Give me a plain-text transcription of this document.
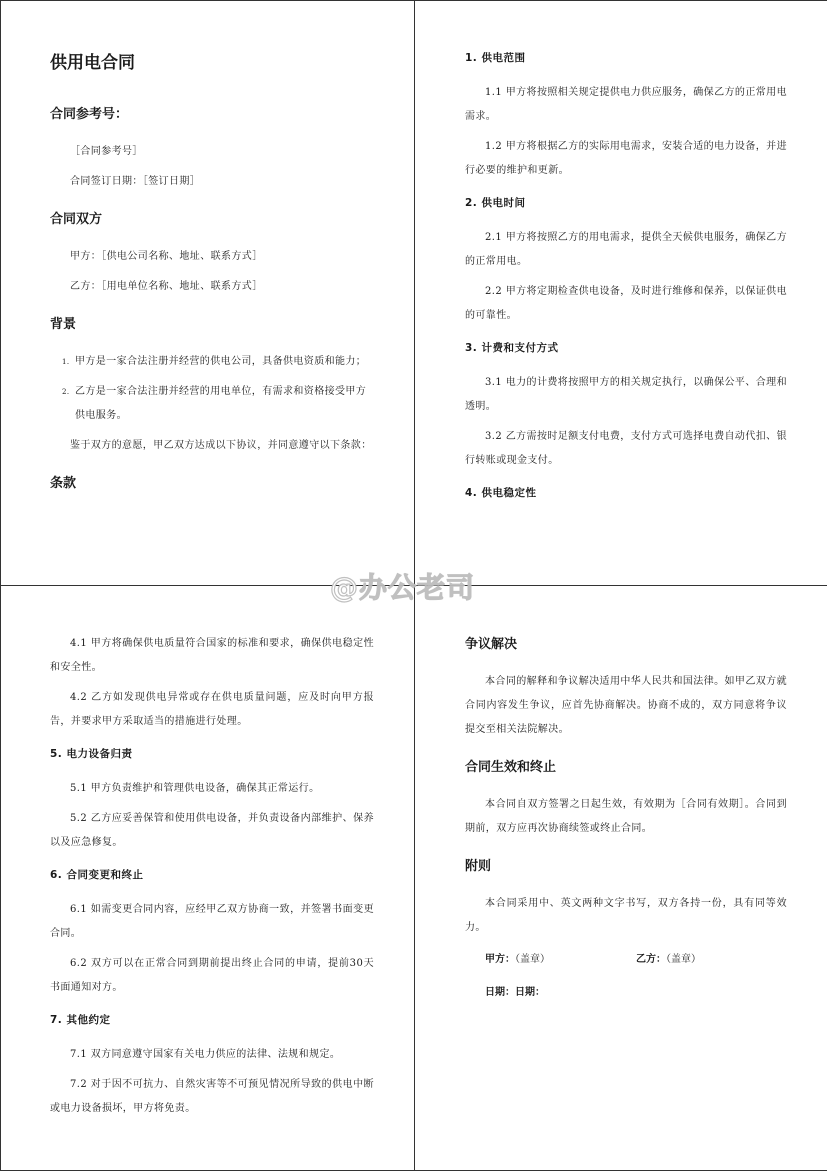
供用电合同
合同参考号：
［合同参考号］
合同签订日期：［签订日期］
合同双方
甲方：［供电公司名称、地址、联系方式］
乙方：［用电单位名称、地址、联系方式］
背景
1. 甲方是一家合法注册并经营的供电公司，具备供电资质和能力；
2. 乙方是一家合法注册并经营的用电单位，有需求和资格接受甲方供电服务。
鉴于双方的意愿，甲乙双方达成以下协议，并同意遵守以下条款：
条款
1. 供电范围
1.1 甲方将按照相关规定提供电力供应服务，确保乙方的正常用电需求。
1.2 甲方将根据乙方的实际用电需求，安装合适的电力设备，并进行必要的维护和更新。
2. 供电时间
2.1 甲方将按照乙方的用电需求，提供全天候供电服务，确保乙方的正常用电。
2.2 甲方将定期检查供电设备，及时进行维修和保养，以保证供电的可靠性。
3. 计费和支付方式
3.1 电力的计费将按照甲方的相关规定执行，以确保公平、合理和透明。
3.2 乙方需按时足额支付电费，支付方式可选择电费自动代扣、银行转账或现金支付。
4. 供电稳定性
4.1 甲方将确保供电质量符合国家的标准和要求，确保供电稳定性和安全性。
4.2 乙方如发现供电异常或存在供电质量问题，应及时向甲方报告，并要求甲方采取适当的措施进行处理。
5. 电力设备归责
5.1 甲方负责维护和管理供电设备，确保其正常运行。
5.2 乙方应妥善保管和使用供电设备，并负责设备内部维护、保养以及应急修复。
6. 合同变更和终止
6.1 如需变更合同内容，应经甲乙双方协商一致，并签署书面变更合同。
6.2 双方可以在正常合同到期前提出终止合同的申请，提前30天书面通知对方。
7. 其他约定
7.1 双方同意遵守国家有关电力供应的法律、法规和规定。
7.2 对于因不可抗力、自然灾害等不可预见情况所导致的供电中断或电力设备损坏，甲方将免责。
争议解决
本合同的解释和争议解决适用中华人民共和国法律。如甲乙双方就合同内容发生争议，应首先协商解决。协商不成的，双方同意将争议提交至相关法院解决。
合同生效和终止
本合同自双方签署之日起生效，有效期为［合同有效期］。合同到期前，双方应再次协商续签或终止合同。
附则
本合同采用中、英文两种文字书写，双方各持一份，具有同等效力。
甲方：（盖章）	乙方：（盖章）
日期：日期：
@办公老司
